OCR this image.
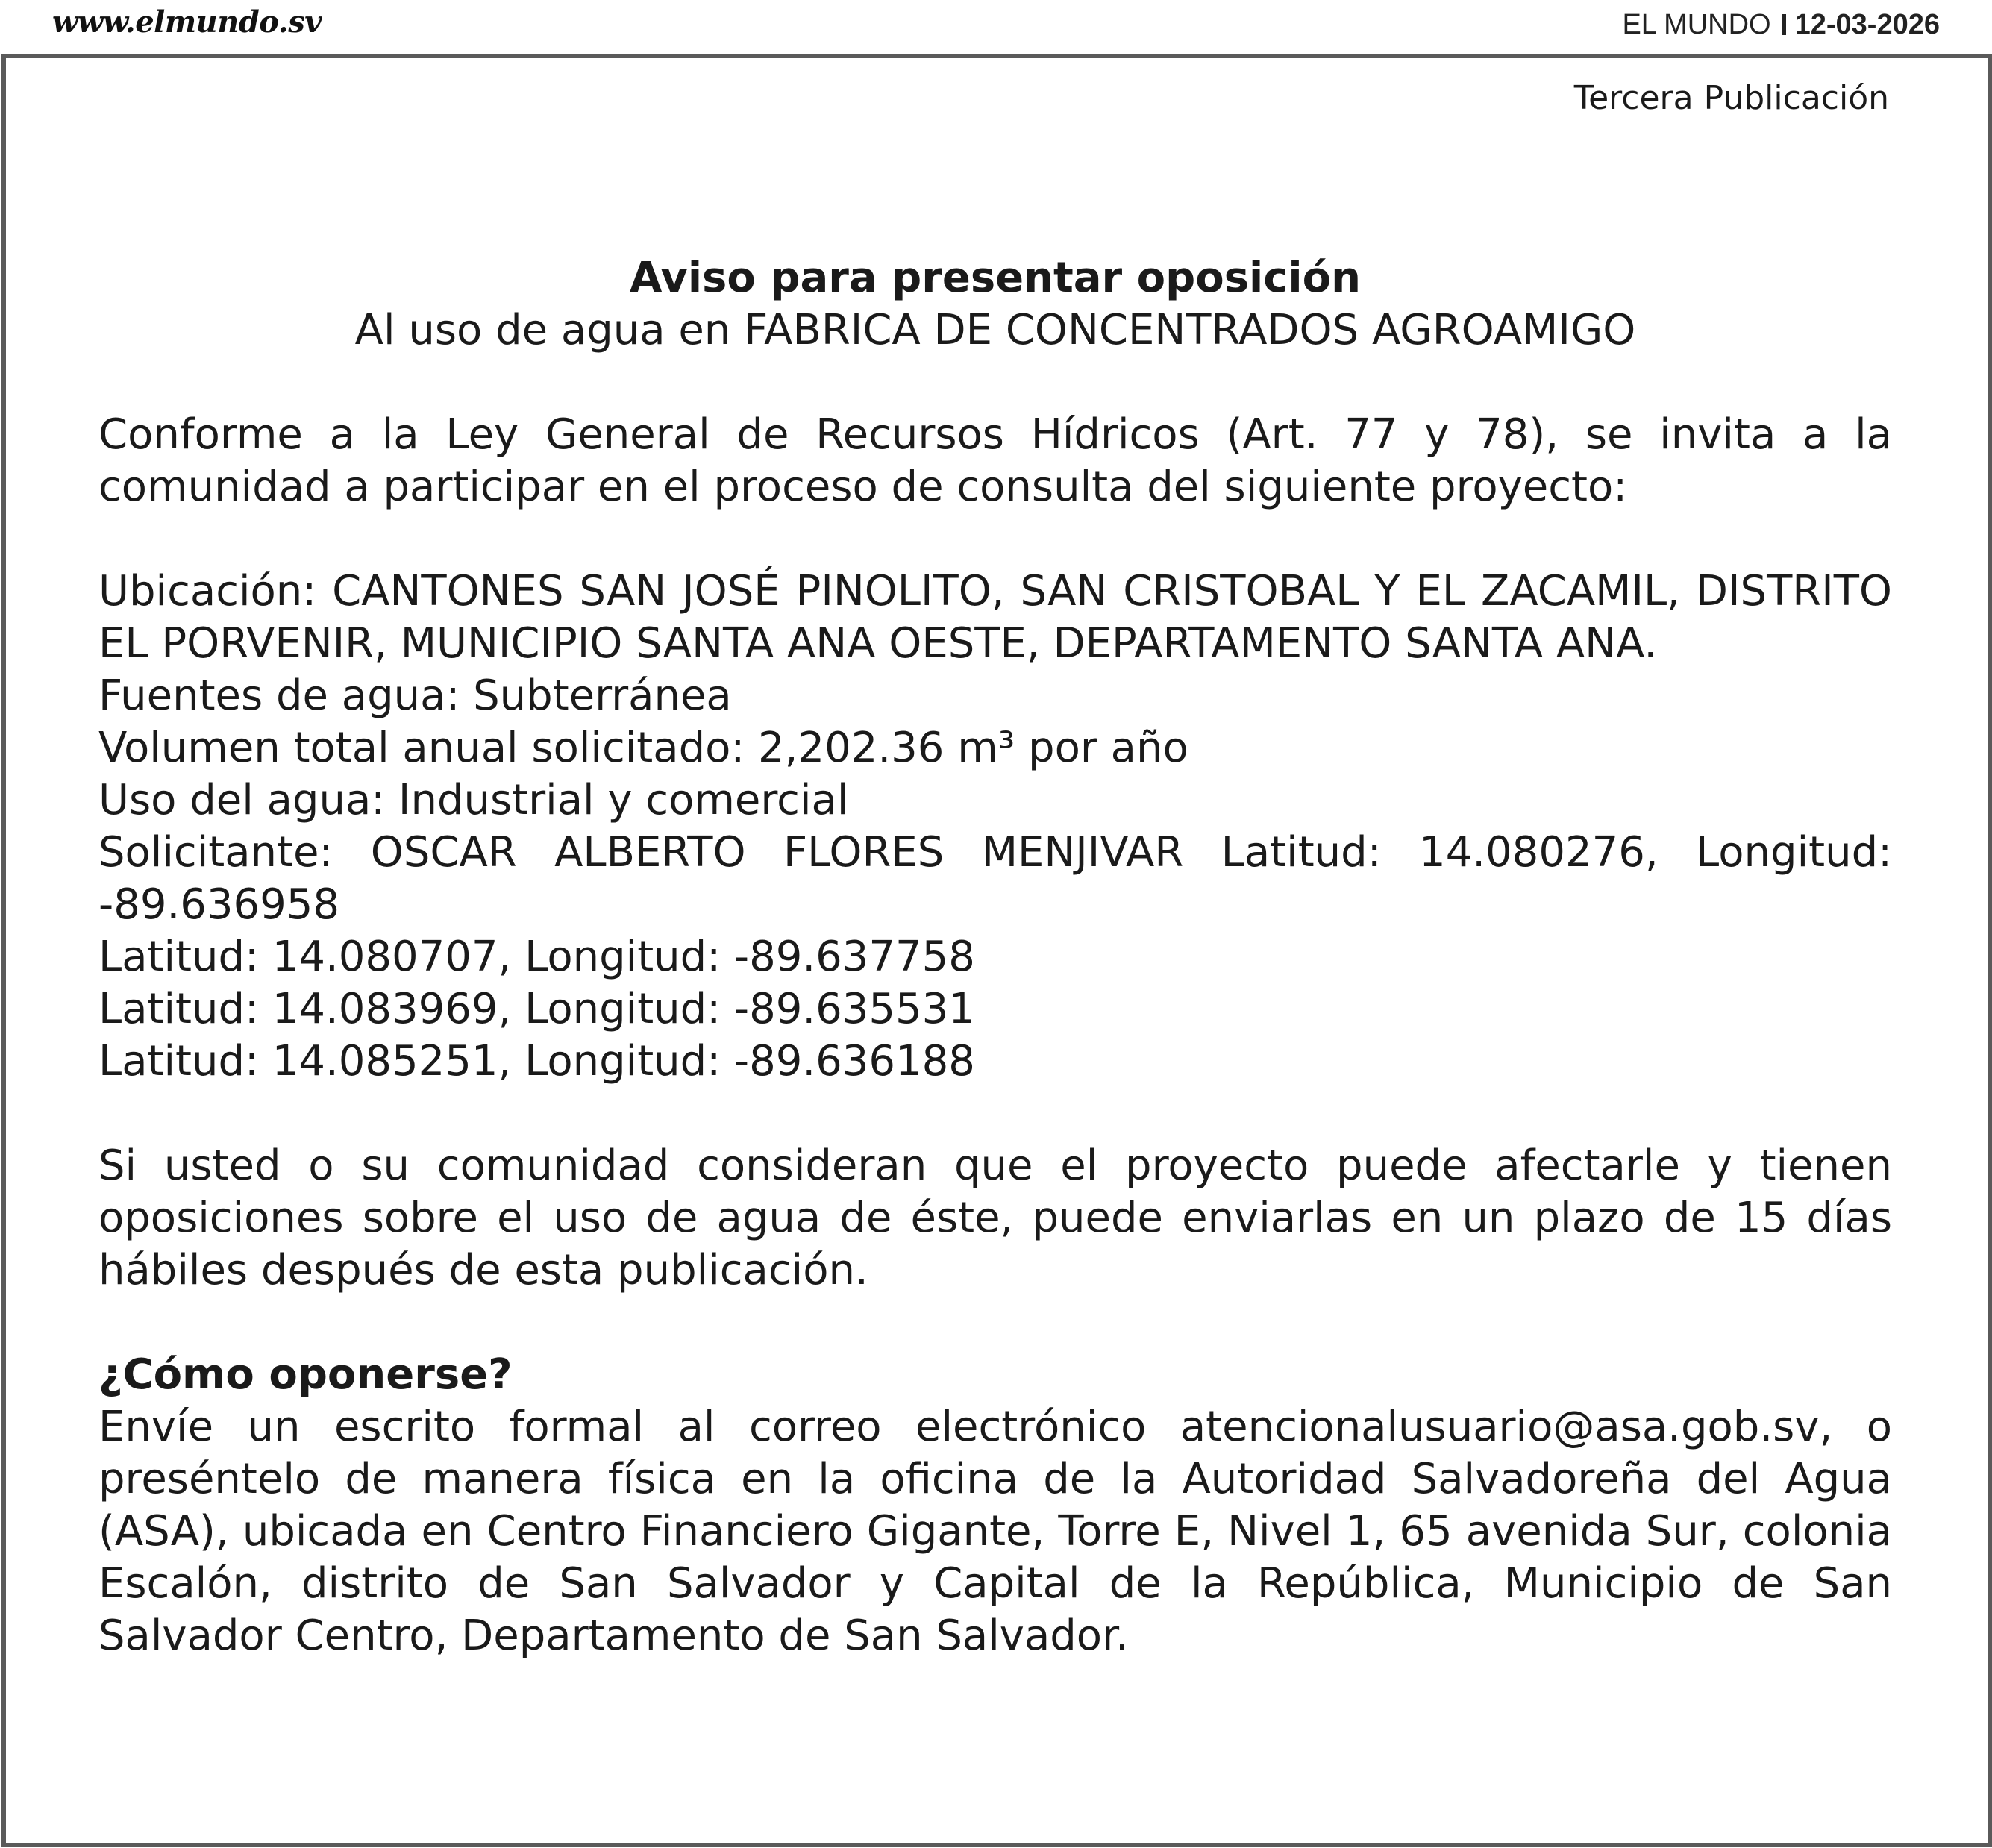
www.elmundo.sv	EL MUNDO 12-03-2026
Tercera Publicación
Aviso para presentar oposición
Al uso de agua en FABRICA DE CONCENTRADOS AGROAMIGO

Conforme a la Ley General de Recursos Hídricos (Art. 77 y 78), se invita a la comunidad a participar en el proceso de consulta del siguiente proyecto:

Ubicación: CANTONES SAN JOSÉ PINOLITO, SAN CRISTOBAL Y EL ZACAMIL, DISTRITO EL PORVENIR, MUNICIPIO SANTA ANA OESTE, DEPARTAMENTO SANTA ANA.

Fuentes de agua: Subterránea

Volumen total anual solicitado: 2,202.36 m³ por año

Uso del agua: Industrial y comercial

Solicitante: OSCAR ALBERTO FLORES MENJIVAR Latitud: 14.080276, Longitud: -89.636958

Latitud: 14.080707, Longitud: -89.637758

Latitud: 14.083969, Longitud: -89.635531

Latitud: 14.085251, Longitud: -89.636188

Si usted o su comunidad consideran que el proyecto puede afectarle y tienen oposiciones sobre el uso de agua de éste, puede enviarlas en un plazo de 15 días hábiles después de esta publicación.

¿Cómo oponerse?

Envíe un escrito formal al correo electrónico atencionalusuario@asa.gob.sv, o preséntelo de manera física en la oficina de la Autoridad Salvadoreña del Agua (ASA), ubicada en Centro Financiero Gigante, Torre E, Nivel 1, 65 avenida Sur, colonia Escalón, distrito de San Salvador y Capital de la República, Municipio de San Salvador Centro, Departamento de San Salvador.
